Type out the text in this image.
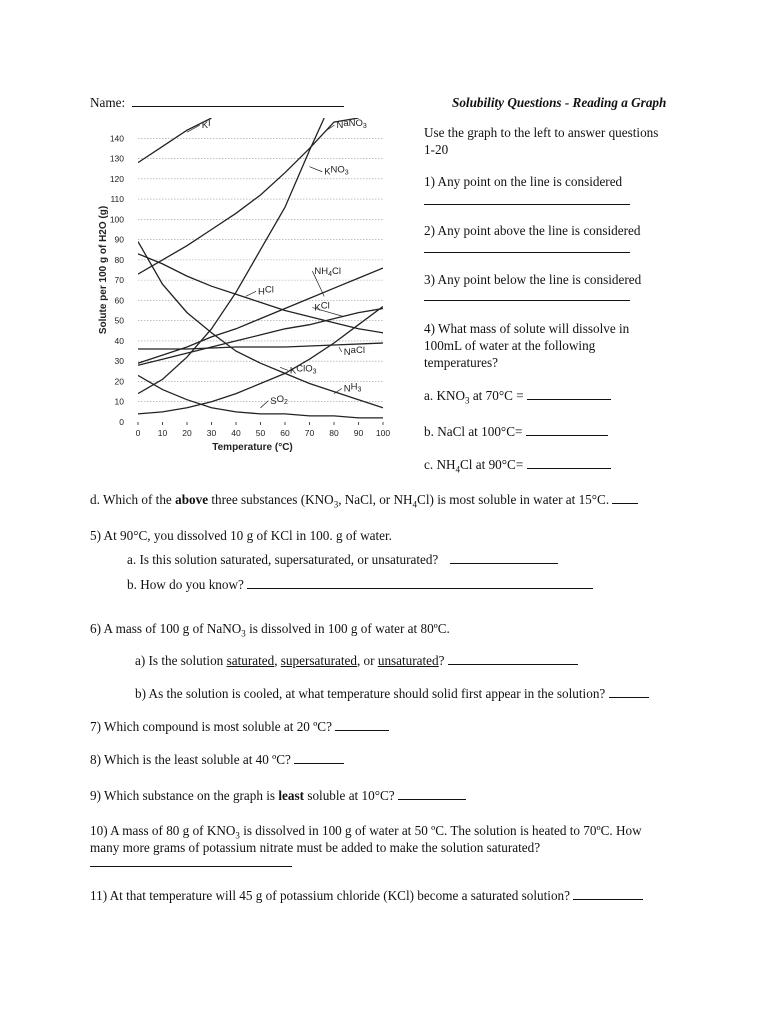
Name:	Solubility Questions - Reading a Graph
0
10
20
30
40
50
60
70
80
90
100
110
120
130
140
0 10 20 30 40 50 60 70 80 90 100
Temperature (°C)
Solute per 100 g of H2O (g)
KI	NaNO$_3$
$KNO_3$
$NH_4Cl$
HCl
KCl
NaCl
KClO$_3$
$NH_3$
$SO_2$
Use the graph to the left to answer questions
1-20
1) Any point on the line is considered
2) Any point above the line is considered
3) Any point below the line is considered
4) What mass of solute will dissolve in
100mL of water at the following
temperatures?
a. $KNO_3$ at 70°C =
b. NaCl at 100°C=
c. $NH_4Cl$ at 90°C=
d. Which of the above three substances ($KNO_3$, NaCl, or $NH_4Cl$) is most soluble in water at 15°C.
5) At 90°C, you dissolved 10 g of KCl in 100. g of water.
a. Is this solution saturated, supersaturated, or unsaturated?
b. How do you know?
6) A mass of 100 g of NaNO$_3$ is dissolved in 100 g of water at 80ºC.
a) Is the solution saturated, supersaturated, or unsaturated?
b) As the solution is cooled, at what temperature should solid first appear in the solution?
7) Which compound is most soluble at 20 ºC?
8) Which is the least soluble at 40 ºC?
9) Which substance on the graph is least soluble at 10°C?
10) A mass of 80 g of $KNO_3$ is dissolved in 100 g of water at 50 ºC. The solution is heated to 70ºC. How
many more grams of potassium nitrate must be added to make the solution saturated?
11) At that temperature will 45 g of potassium chloride (KCl) become a saturated solution?
